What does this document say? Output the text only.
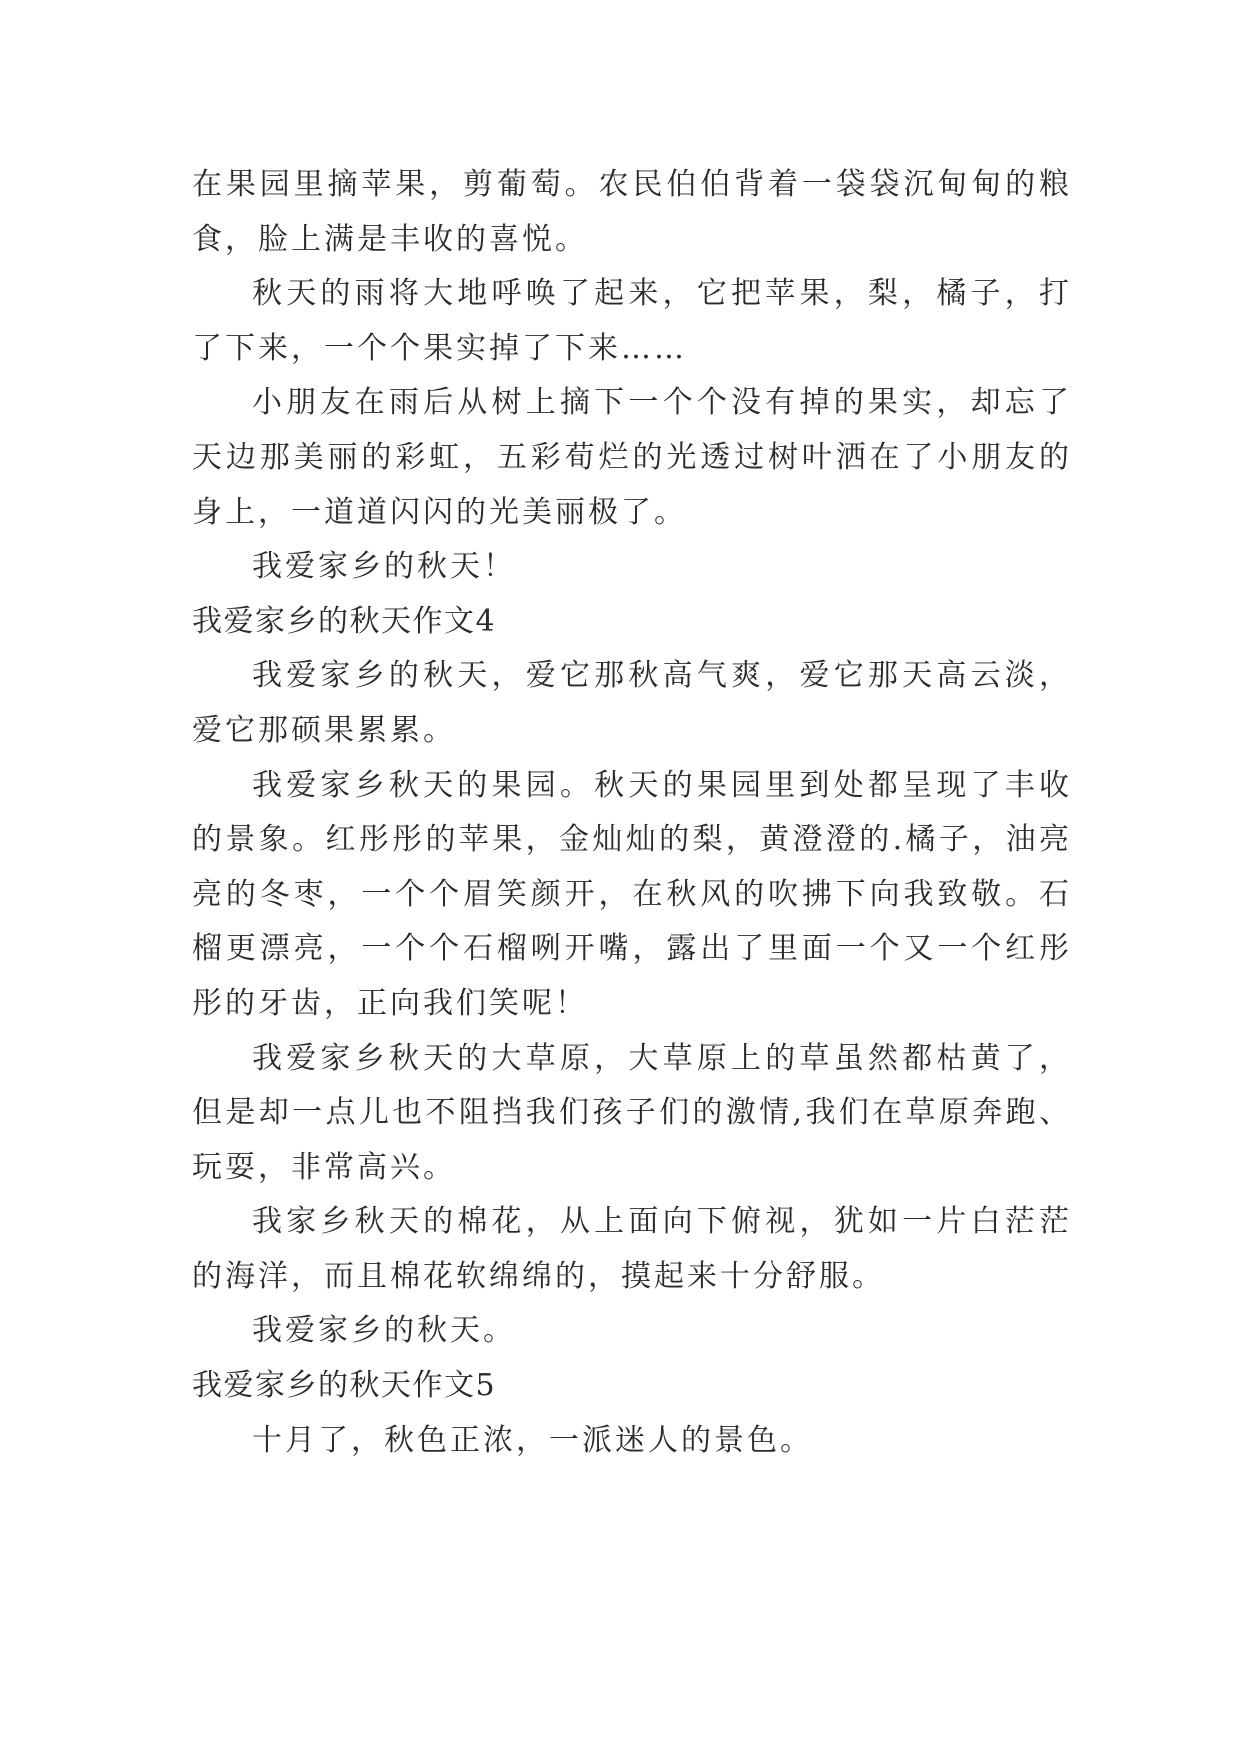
在果园里摘苹果，剪葡萄。农民伯伯背着一袋袋沉甸甸的粮食，脸上满是丰收的喜悦。

秋天的雨将大地呼唤了起来，它把苹果，梨，橘子，打了下来，一个个果实掉了下来……

小朋友在雨后从树上摘下一个个没有掉的果实，却忘了天边那美丽的彩虹，五彩荀烂的光透过树叶洒在了小朋友的身上，一道道闪闪的光美丽极了。

我爱家乡的秋天！

我爱家乡的秋天作文4

我爱家乡的秋天，爱它那秋高气爽，爱它那天高云淡，爱它那硕果累累。

我爱家乡秋天的果园。秋天的果园里到处都呈现了丰收的景象。红彤彤的苹果，金灿灿的梨，黄澄澄的.橘子，油亮亮的冬枣，一个个眉笑颜开，在秋风的吹拂下向我致敬。石榴更漂亮，一个个石榴咧开嘴，露出了里面一个又一个红彤彤的牙齿，正向我们笑呢！

我爱家乡秋天的大草原，大草原上的草虽然都枯黄了，但是却一点儿也不阻挡我们孩子们的激情,我们在草原奔跑、玩耍，非常高兴。

我家乡秋天的棉花，从上面向下俯视，犹如一片白茫茫的海洋，而且棉花软绵绵的，摸起来十分舒服。

我爱家乡的秋天。

我爱家乡的秋天作文5

十月了，秋色正浓，一派迷人的景色。
